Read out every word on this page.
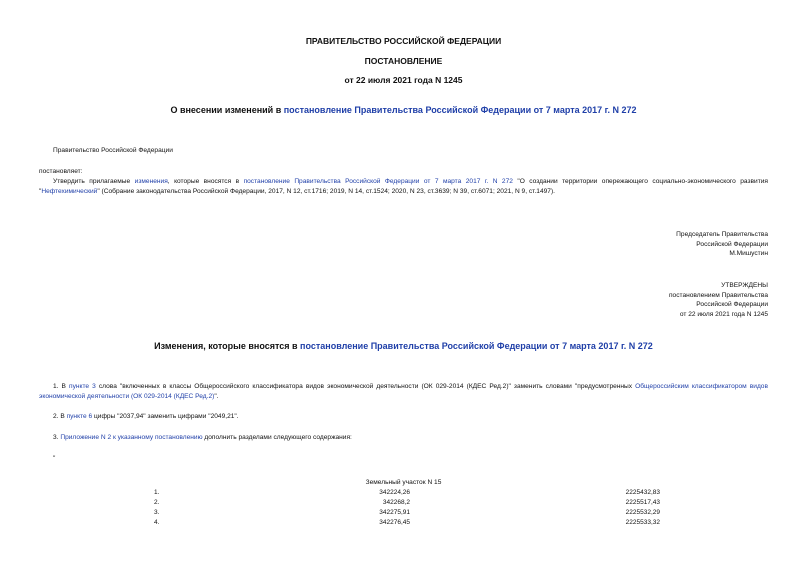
ПРАВИТЕЛЬСТВО РОССИЙСКОЙ ФЕДЕРАЦИИ
ПОСТАНОВЛЕНИЕ
от 22 июля 2021 года N 1245
О внесении изменений в постановление Правительства Российской Федерации от 7 марта 2017 г. N 272
Правительство Российской Федерации
постановляет:
Утвердить прилагаемые изменения, которые вносятся в постановление Правительства Российской Федерации от 7 марта 2017 г. N 272 "О создании территории опережающего социально-экономического развития "Нефтехимический" (Собрание законодательства Российской Федерации, 2017, N 12, ст.1716; 2019, N 14, ст.1524; 2020, N 23, ст.3639; N 39, ст.6071; 2021, N 9, ст.1497).
Председатель Правительства
Российской Федерации
М.Мишустин
УТВЕРЖДЕНЫ
постановлением Правительства
Российской Федерации
от 22 июля 2021 года N 1245
Изменения, которые вносятся в постановление Правительства Российской Федерации от 7 марта 2017 г. N 272
1. В пункте 3 слова "включенных в классы Общероссийского классификатора видов экономической деятельности (ОК 029-2014 (КДЕС Ред.2)" заменить словами "предусмотренных Общероссийским классификатором видов экономической деятельности (ОК 029-2014 (КДЕС Ред.2)".
2. В пункте 6 цифры "2037,94" заменить цифрами "2049,21".
3. Приложение N 2 к указанному постановлению дополнить разделами следующего содержания:
"
Земельный участок N 15
1.	342224,26	2225432,83
2.	342268,2	2225517,43
3.	342275,91	2225532,29
4.	342276,45	2225533,32
